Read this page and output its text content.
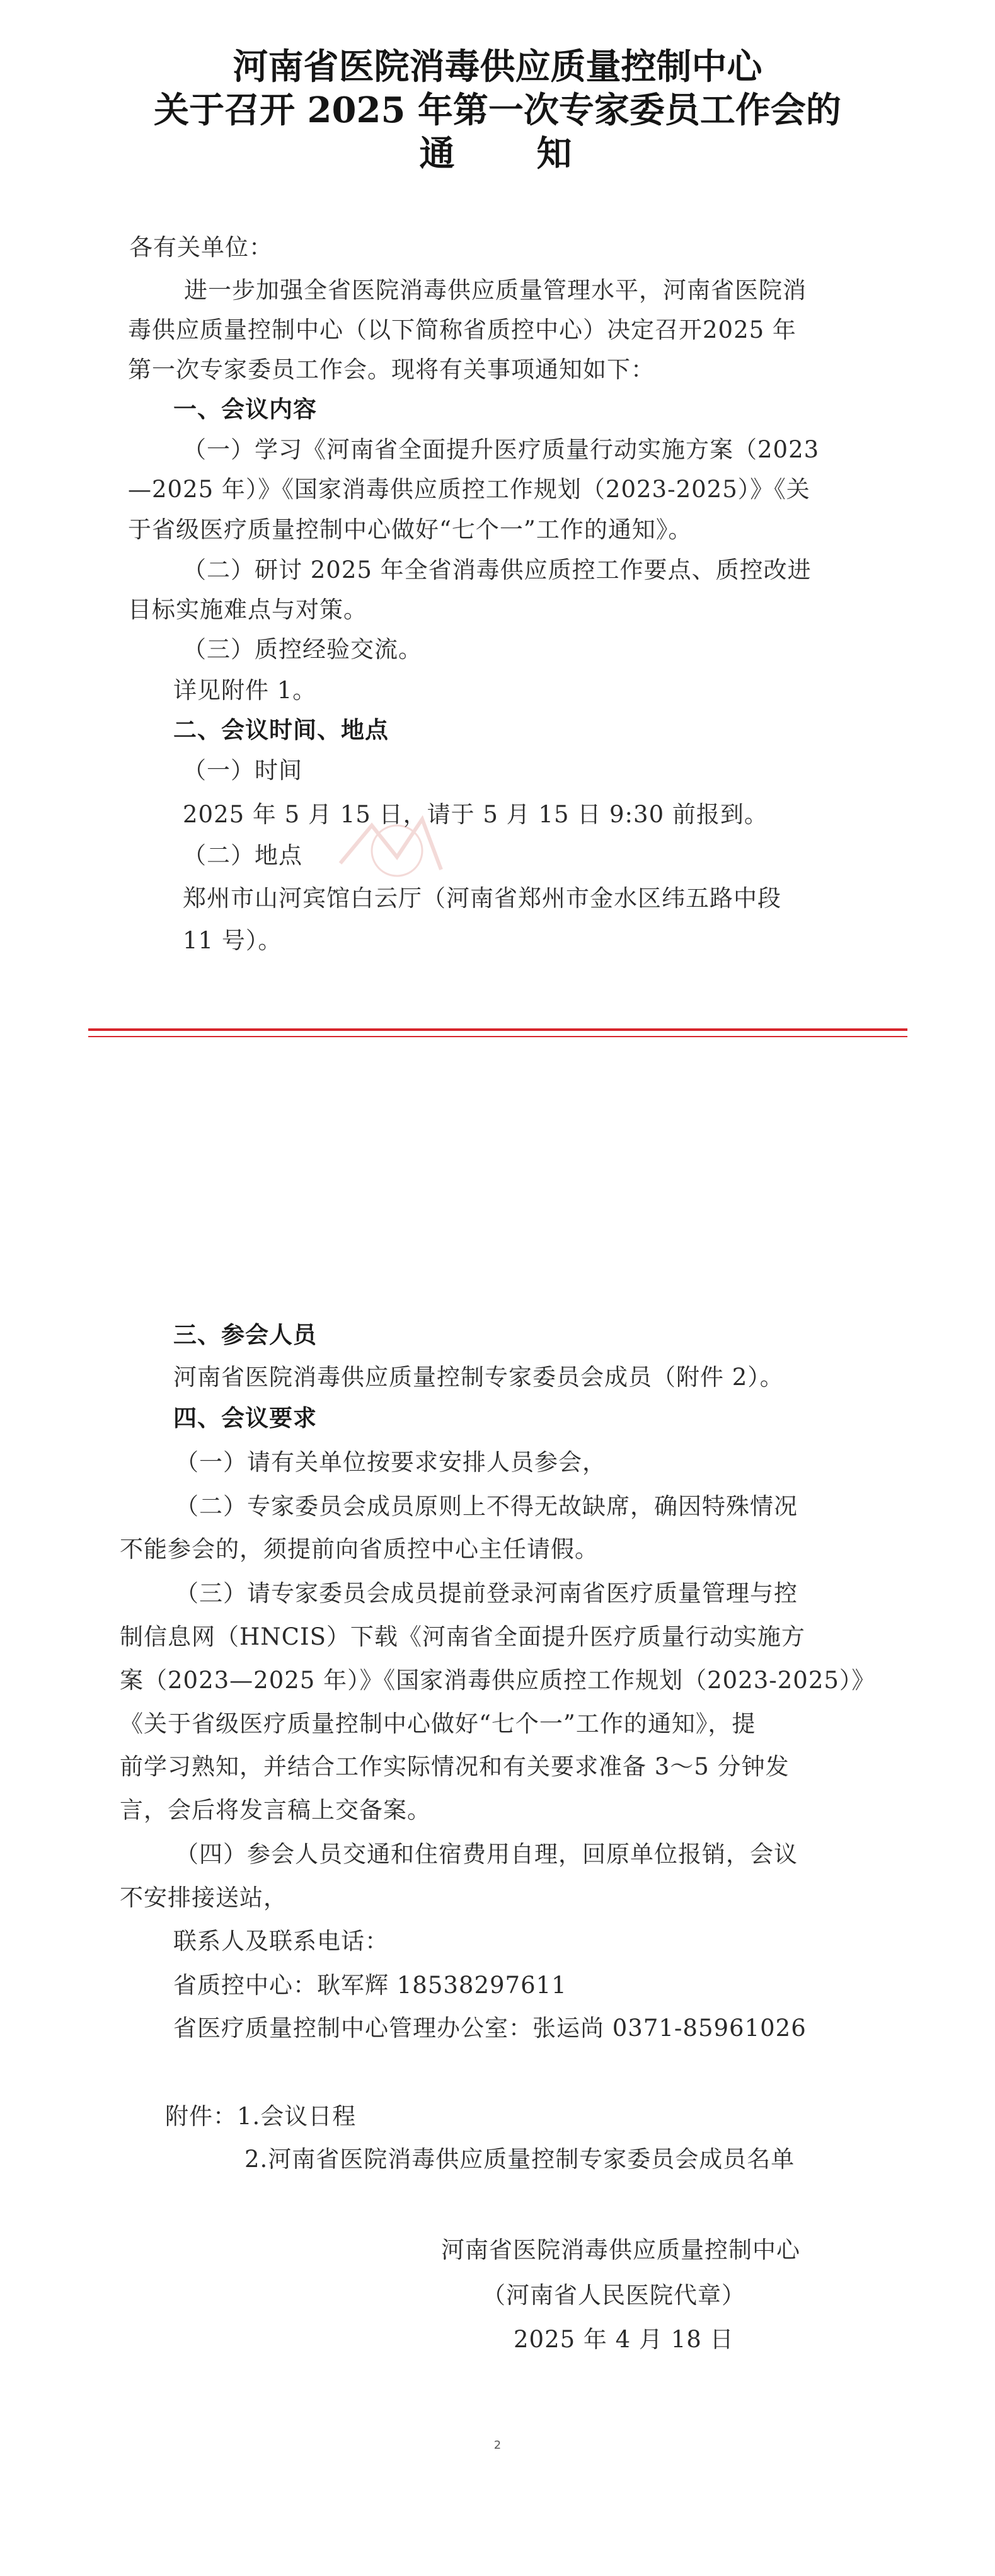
河南省医院消毒供应质量控制中心
关于召开 2025 年第一次专家委员工作会的
通　　知
各有关单位：
进一步加强全省医院消毒供应质量管理水平，河南省医院消
毒供应质量控制中心（以下简称省质控中心）决定召开2025 年
第一次专家委员工作会。现将有关事项通知如下：
一、会议内容
（一）学习《河南省全面提升医疗质量行动实施方案（2023
—2025 年）》《国家消毒供应质控工作规划（2023-2025）》《关
于省级医疗质量控制中心做好“七个一”工作的通知》。
（二）研讨 2025 年全省消毒供应质控工作要点、质控改进
目标实施难点与对策。
（三）质控经验交流。
详见附件 1。
二、会议时间、地点
（一）时间
2025 年 5 月 15 日，请于 5 月 15 日 9:30 前报到。
（二）地点
郑州市山河宾馆白云厅（河南省郑州市金水区纬五路中段
11 号）。
三、参会人员
河南省医院消毒供应质量控制专家委员会成员（附件 2）。
四、会议要求
（一）请有关单位按要求安排人员参会，
（二）专家委员会成员原则上不得无故缺席，确因特殊情况
不能参会的，须提前向省质控中心主任请假。
（三）请专家委员会成员提前登录河南省医疗质量管理与控
制信息网（HNCIS）下载《河南省全面提升医疗质量行动实施方
案（2023—2025 年）》《国家消毒供应质控工作规划（2023-2025）》
《关于省级医疗质量控制中心做好“七个一”工作的通知》，提
前学习熟知，并结合工作实际情况和有关要求准备 3～5 分钟发
言，会后将发言稿上交备案。
（四）参会人员交通和住宿费用自理，回原单位报销，会议
不安排接送站，
联系人及联系电话：
省质控中心：耿军辉 18538297611
省医疗质量控制中心管理办公室：张运尚 0371-85961026
附件：1.会议日程
2.河南省医院消毒供应质量控制专家委员会成员名单
河南省医院消毒供应质量控制中心
（河南省人民医院代章）
2025 年 4 月 18 日
2
